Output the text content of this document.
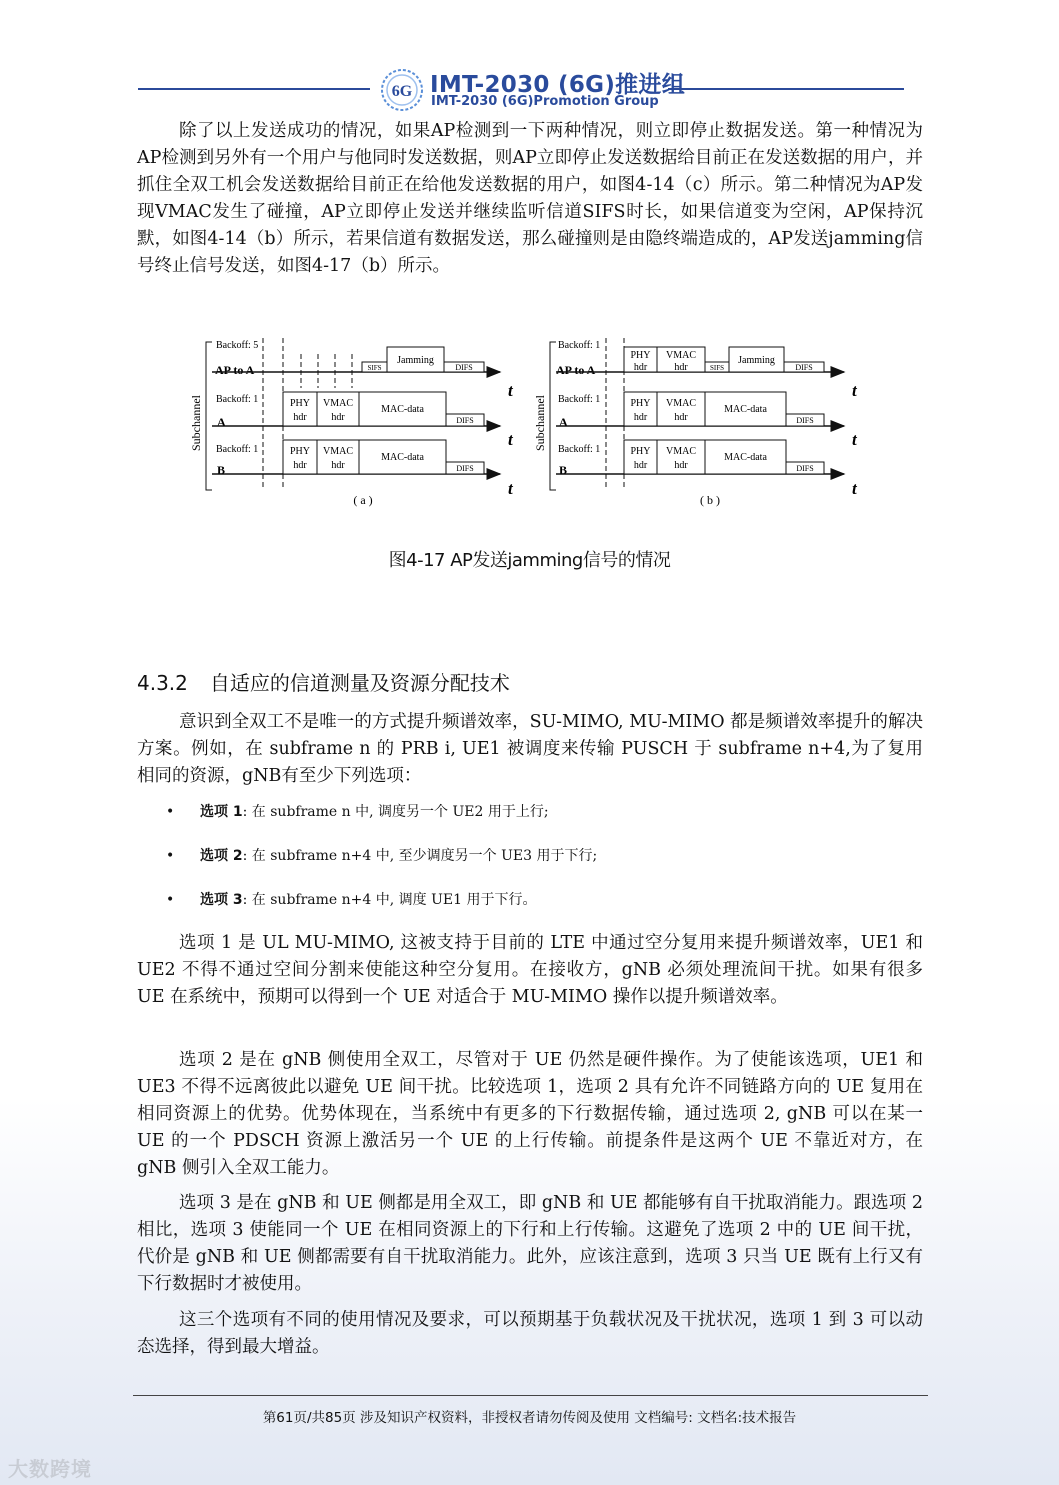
6G IMT-2030 (6G)推进组
IMT-2030 (6G)Promotion Group

除了以上发送成功的情况，如果AP检测到一下两种情况，则立即停止数据发送。第一种情况为AP检测到另外有一个用户与他同时发送数据，则AP立即停止发送数据给目前正在发送数据的用户，并抓住全双工机会发送数据给目前正在给他发送数据的用户，如图4-14（c）所示。第二种情况为AP发现VMAC发生了碰撞，AP立即停止发送并继续监听信道SIFS时长，如果信道变为空闲，AP保持沉默，如图4-14（b）所示，若果信道有数据发送，那么碰撞则是由隐终端造成的，AP发送jamming信号终止信号发送，如图4-17（b）所示。

Subchannel
Backoff: 5
AP to A
t
SIFS
Jamming
DIFS
Backoff: 1
A
t
PHY
hdr
VMAC
hdr
MAC-data
DIFS
Backoff: 1
B
t
PHY
hdr
VMAC
hdr
MAC-data
DIFS
( a )
Subchannel
Backoff: 1
AP to A
t
PHY
hdr
VMAC
hdr	SIFS
Jamming
DIFS
Backoff: 1
A
t
PHY
hdr
VMAC
hdr
MAC-data
DIFS
Backoff: 1
B
t
PHY
hdr
VMAC
hdr
MAC-data
DIFS
( b )
图4-17 AP发送jamming信号的情况
4.3.2 自适应的信道测量及资源分配技术

意识到全双工不是唯一的方式提升频谱效率，SU-MIMO, MU-MIMO 都是频谱效率提升的解决方案。例如，在 subframe n 的 PRB i, UE1 被调度来传输 PUSCH 于 subframe n+4,为了复用相同的资源，gNB有至少下列选项：

• 选项 1: 在 subframe n 中, 调度另一个 UE2 用于上行;
• 选项 2: 在 subframe n+4 中, 至少调度另一个 UE3 用于下行;
• 选项 3: 在 subframe n+4 中, 调度 UE1 用于下行。

选项 1 是 UL MU-MIMO, 这被支持于目前的 LTE 中通过空分复用来提升频谱效率，UE1 和 UE2 不得不通过空间分割来使能这种空分复用。在接收方，gNB 必须处理流间干扰。如果有很多 UE 在系统中，预期可以得到一个 UE 对适合于 MU-MIMO 操作以提升频谱效率。

选项 2 是在 gNB 侧使用全双工，尽管对于 UE 仍然是硬件操作。为了使能该选项，UE1 和 UE3 不得不远离彼此以避免 UE 间干扰。比较选项 1，选项 2 具有允许不同链路方向的 UE 复用在相同资源上的优势。优势体现在，当系统中有更多的下行数据传输，通过选项 2, gNB 可以在某一 UE 的一个 PDSCH 资源上激活另一个 UE 的上行传输。前提条件是这两个 UE 不靠近对方，在 gNB 侧引入全双工能力。

选项 3 是在 gNB 和 UE 侧都是用全双工，即 gNB 和 UE 都能够有自干扰取消能力。跟选项 2 相比，选项 3 使能同一个 UE 在相同资源上的下行和上行传输。这避免了选项 2 中的 UE 间干扰，代价是 gNB 和 UE 侧都需要有自干扰取消能力。此外，应该注意到，选项 3 只当 UE 既有上行又有下行数据时才被使用。

这三个选项有不同的使用情况及要求，可以预期基于负载状况及干扰状况，选项 1 到 3 可以动态选择，得到最大增益。

第61页/共85页 涉及知识产权资料，非授权者请勿传阅及使用 文档编号: 文档名:技术报告
大数跨境
